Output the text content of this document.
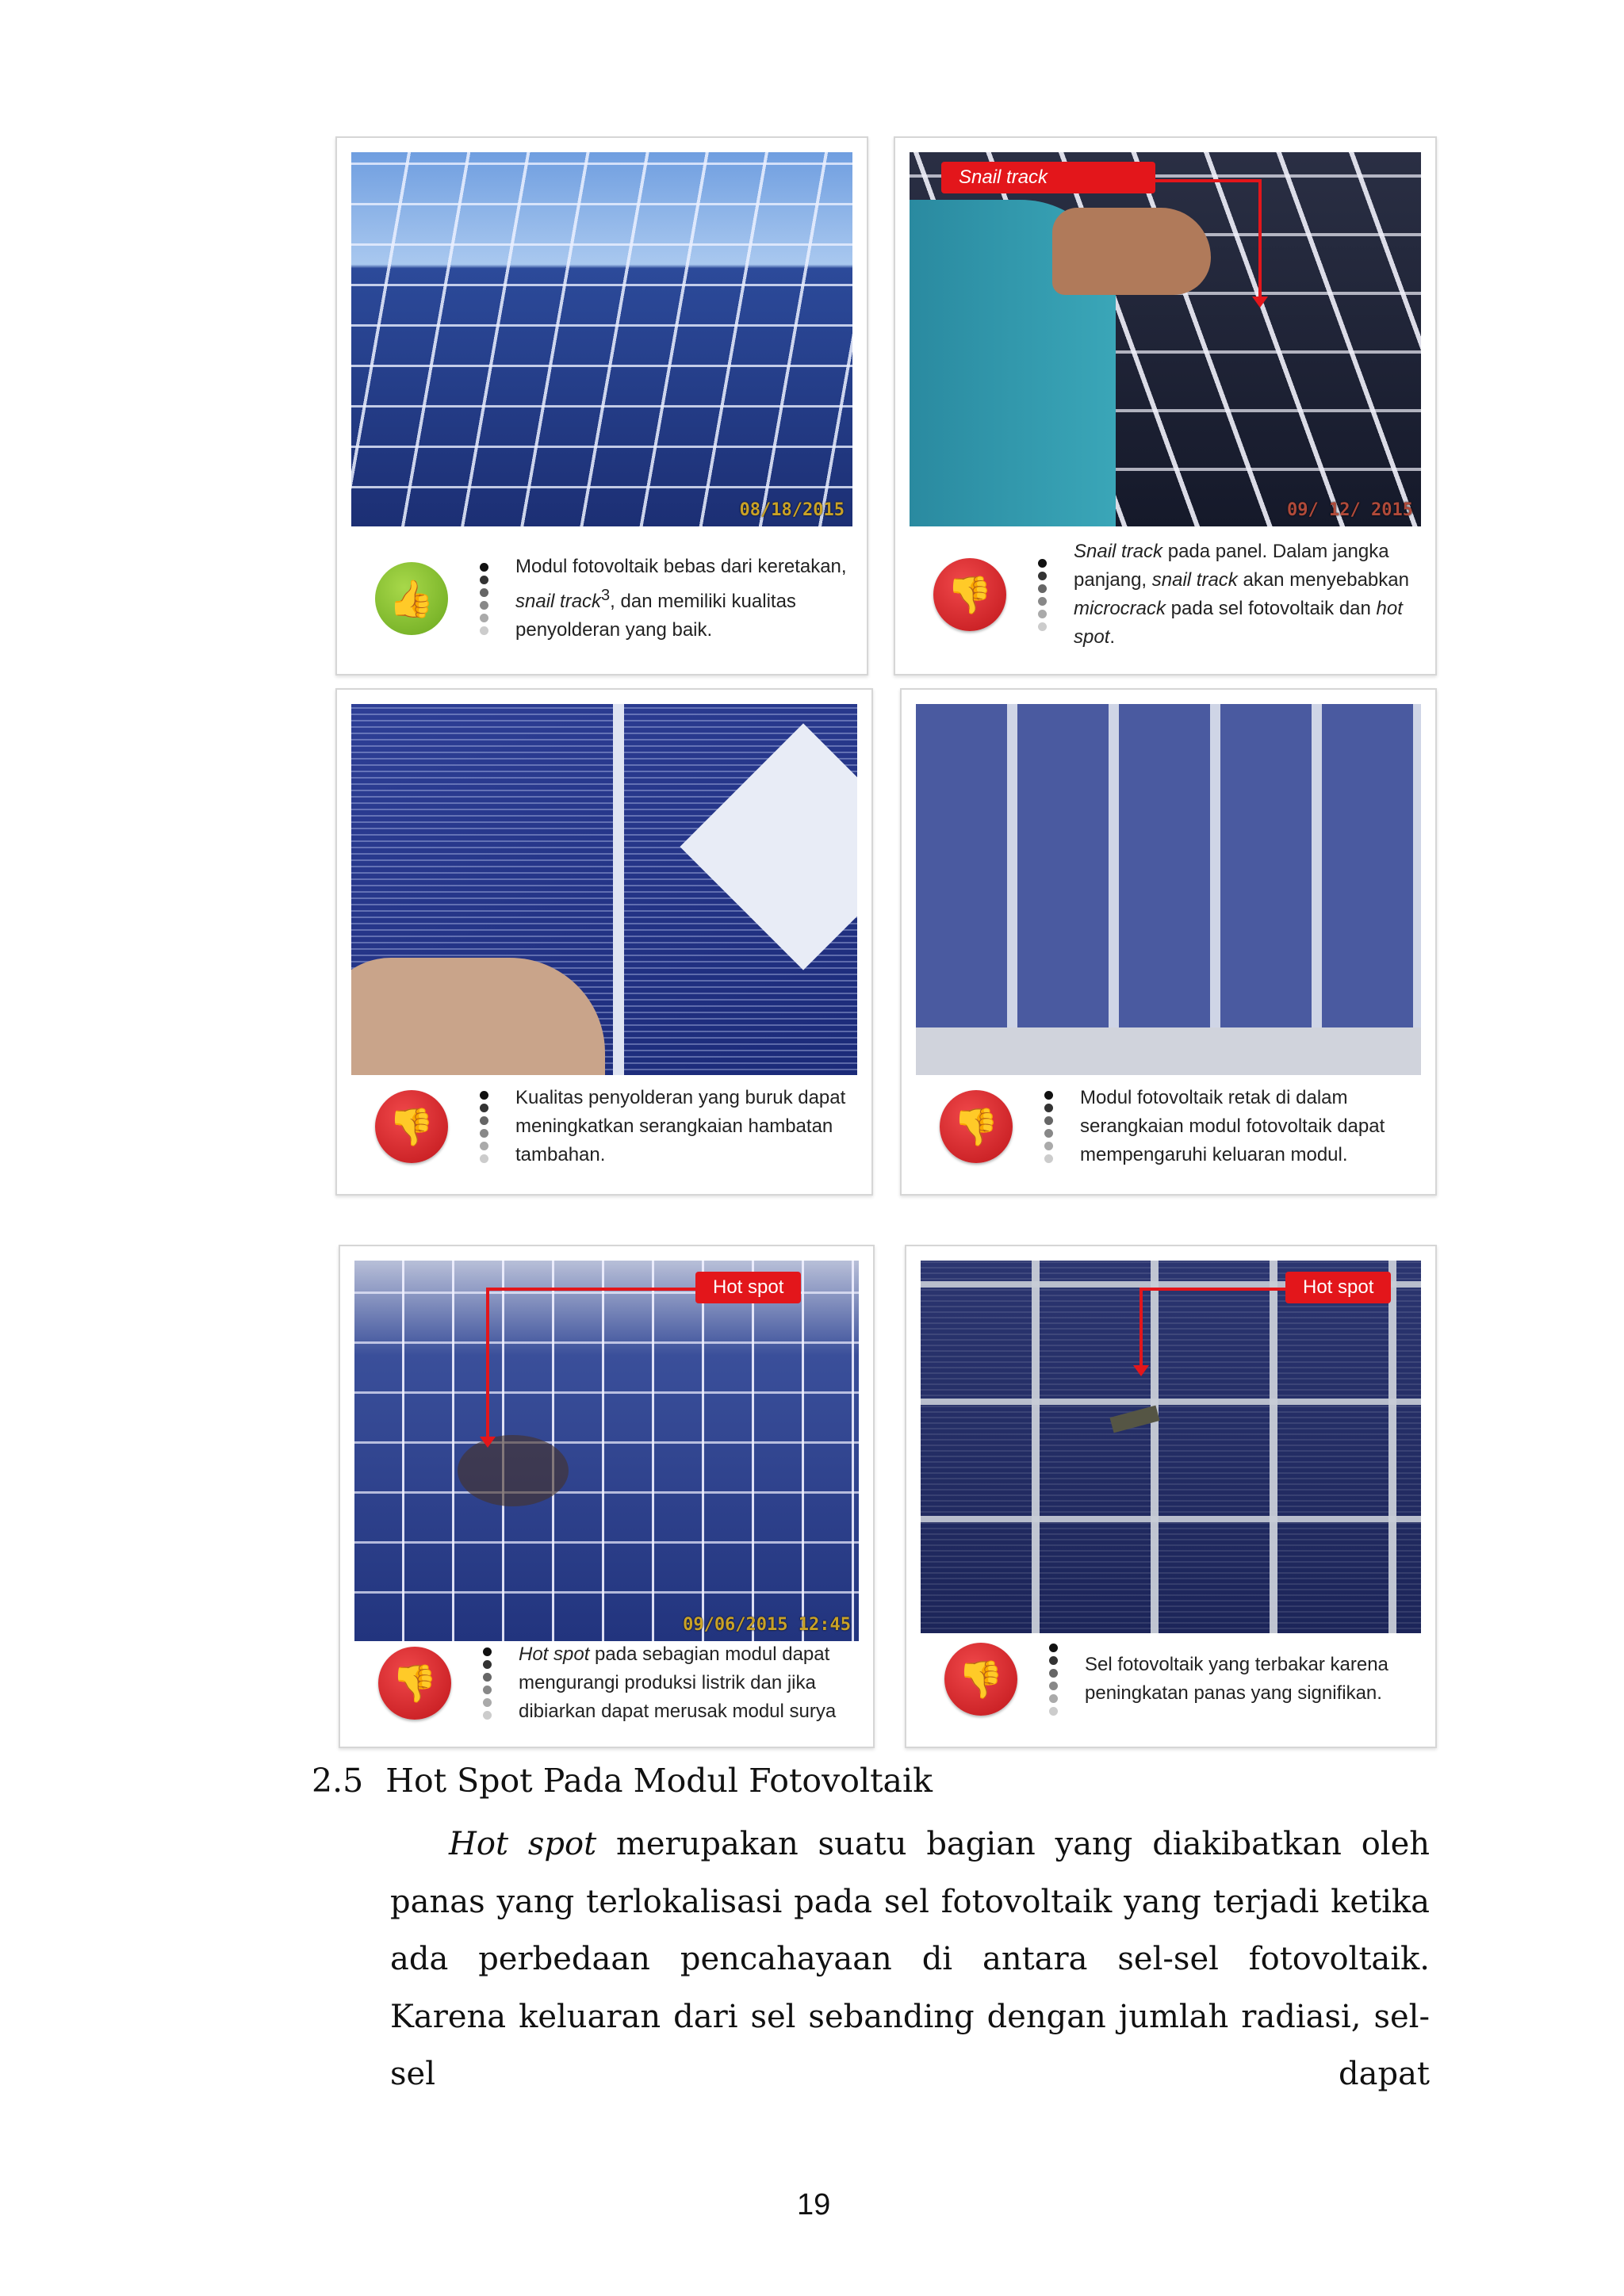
08/18/2015
👍
Modul fotovoltaik bebas dari keretakan, snail track$^3$, dan memiliki kualitas penyolderan yang baik.
Snail track
09/ 12/ 2015
👎
Snail track pada panel. Dalam jangka panjang, snail track akan menyebabkan microcrack pada sel fotovoltaik dan hot spot.
👎
Kualitas penyolderan yang buruk dapat meningkatkan serangkaian hambatan tambahan.
👎
Modul fotovoltaik retak di dalam serangkaian modul fotovoltaik dapat mempengaruhi keluaran modul.
Hot spot
09/06/2015 12:45
👎
Hot spot pada sebagian modul dapat mengurangi produksi listrik dan jika dibiarkan dapat merusak modul surya
Hot spot
👎	Sel fotovoltaik yang terbakar karena peningkatan panas yang signifikan.
2.5 Hot Spot Pada Modul Fotovoltaik

Hot spot merupakan suatu bagian yang diakibatkan oleh panas yang terlokalisasi pada sel fotovoltaik yang terjadi ketika ada perbedaan pencahayaan di antara sel-sel fotovoltaik. Karena keluaran dari sel sebanding dengan jumlah radiasi, sel-sel dapat

19
